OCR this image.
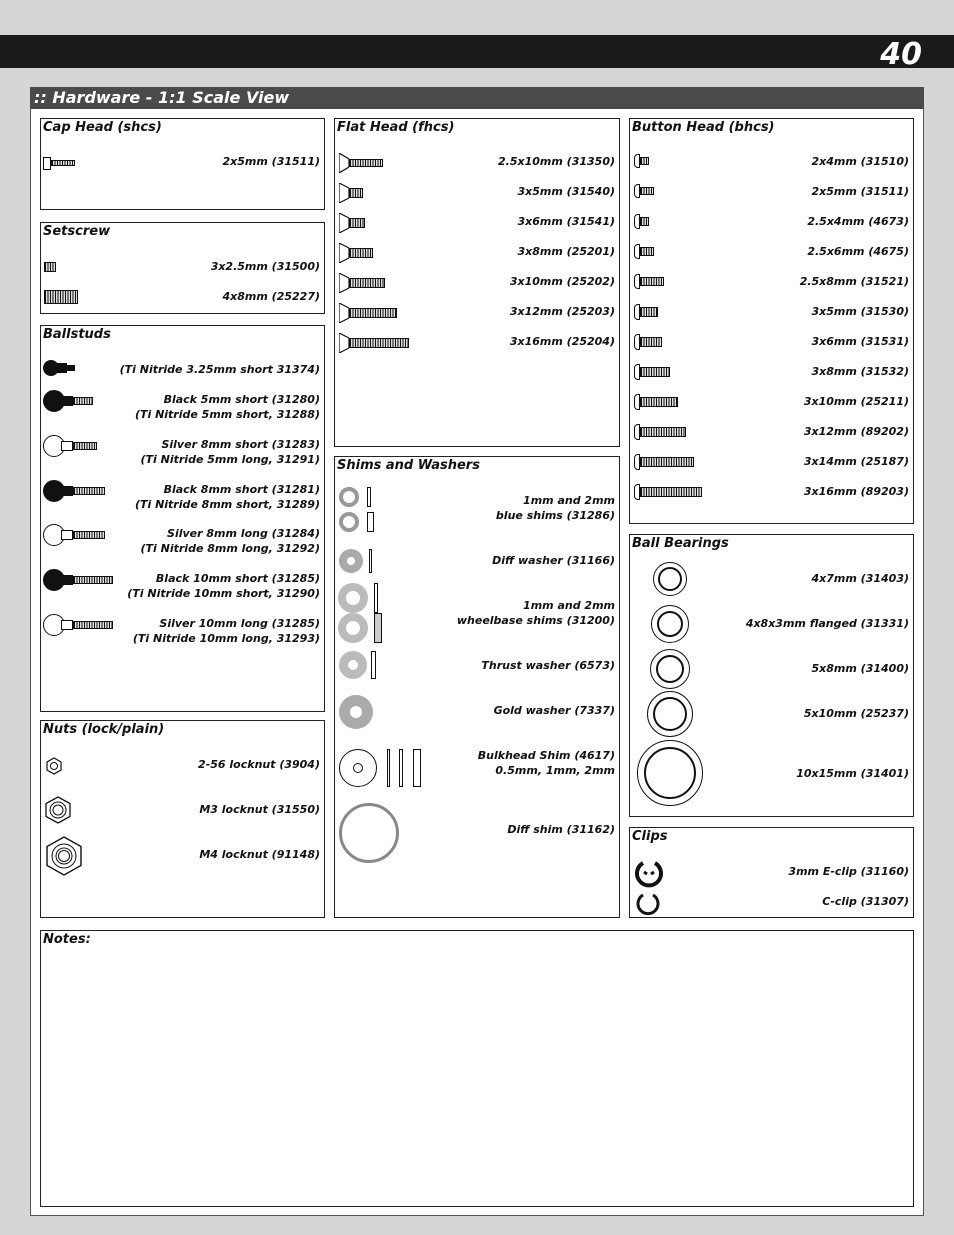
40
:: Hardware - 1:1 Scale View
Cap Head (shcs)
2x5mm (31511)
Setscrew
3x2.5mm (31500)
4x8mm (25227)
Ballstuds
(Ti Nitride 3.25mm short 31374)
Black 5mm short (31280)
(Ti Nitride 5mm short, 31288)
Silver 8mm short (31283)
(Ti Nitride 5mm long, 31291)
Black 8mm short (31281)
(Ti Nitride 8mm short, 31289)
Silver 8mm long (31284)
(Ti Nitride 8mm long, 31292)
Black 10mm short (31285)
(Ti Nitride 10mm short, 31290)
Silver 10mm long (31285)
(Ti Nitride 10mm long, 31293)
Nuts (lock/plain)
2-56 locknut (3904)
M3 locknut (31550)
M4 locknut (91148)
Flat Head (fhcs)
2.5x10mm (31350)
3x5mm (31540)
3x6mm (31541)
3x8mm (25201)
3x10mm (25202)
3x12mm (25203)
3x16mm (25204)
Shims and Washers
1mm and 2mm
blue shims (31286)
Diff washer (31166)
1mm and 2mm
wheelbase shims (31200)
Thrust washer (6573)
Gold washer (7337)
Bulkhead Shim (4617)
0.5mm, 1mm, 2mm
Diff shim (31162)
Button Head (bhcs)
2x4mm (31510)
2x5mm (31511)
2.5x4mm (4673)
2.5x6mm (4675)
2.5x8mm (31521)
3x5mm (31530)
3x6mm (31531)
3x8mm (31532)
3x10mm (25211)
3x12mm (89202)
3x14mm (25187)
3x16mm (89203)
Ball Bearings
4x7mm (31403)
4x8x3mm flanged (31331)
5x8mm (31400)
5x10mm (25237)
10x15mm (31401)
Clips
3mm E-clip (31160)
C-clip (31307)
Notes:
